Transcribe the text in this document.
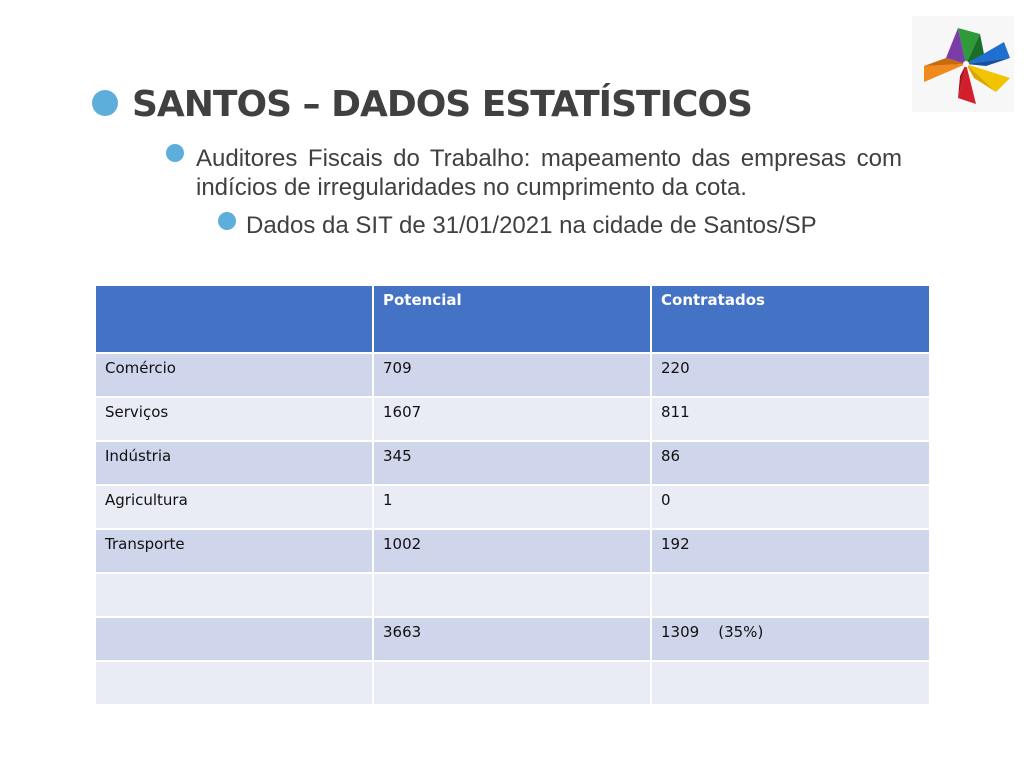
SANTOS – DADOS ESTATÍSTICOS
Auditores Fiscais do Trabalho: mapeamento das empresas com indícios de irregularidades no cumprimento da cota.
Dados da SIT de 31/01/2021 na cidade de Santos/SP
	Potencial	Contratados
Comércio	709	220
Serviços	1607	811
Indústria	345	86
Agricultura	1	0
Transporte	1002	192

	3663	1309    (35%)
